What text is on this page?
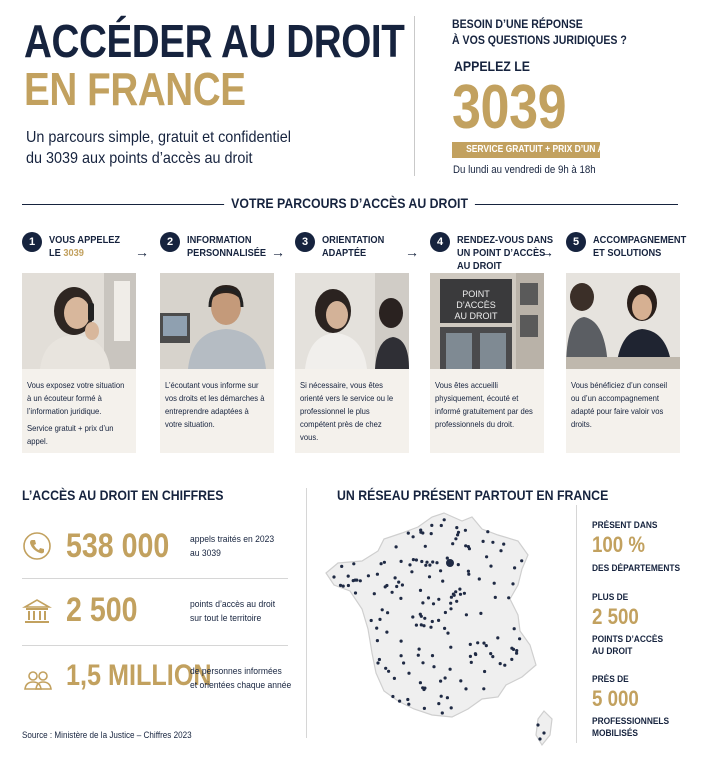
ACCÉDER AU DROIT
EN FRANCE
Un parcours simple, gratuit et confidentiel
du 3039 aux points d’accès au droit
BESOIN D’UNE RÉPONSE
À VOS QUESTIONS JURIDIQUES ?
APPELEZ LE
3039
SERVICE GRATUIT + PRIX D’UN APPEL
Du lundi au vendredi de 9h à 18h
VOTRE PARCOURS D’ACCÈS AU DROIT
1	VOUS APPELEZ
LE 3039	→

Vous exposez votre situation à un écouteur formé à l’information juridique.

Service gratuit + prix d’un appel.

2	INFORMATION
PERSONNALISÉE →

L’écoutant vous informe sur vos droits et les démarches à entreprendre adaptées à votre situation.

3	ORIENTATION
ADAPTÉE	→

Si nécessaire, vous êtes orienté vers le service ou le professionnel le plus compétent près de chez vous.

4	RENDEZ-VOUS DANS
UN POINT D’ACCÈS
AU DROIT
→
POINT D’ACCÈS
AU DROIT

Vous êtes accueilli physiquement, écouté et informé gratuitement par des professionnels du droit.

5	ACCOMPAGNEMENT
ET SOLUTIONS

Vous bénéficiez d’un conseil ou d’un accompagnement adapté pour faire valoir vos droits.

L’ACCÈS AU DROIT EN CHIFFRES
538 000 appels traités en 2023
au 3039
2 500	points d’accès au droit
sur tout le territoire
1,5 MILLION
de personnes informées
et orientées chaque année
Source : Ministère de la Justice – Chiffres 2023
UN RÉSEAU PRÉSENT PARTOUT EN FRANCE
PRÉSENT DANS
100 %
DES DÉPARTEMENTS
PLUS DE
2 500
POINTS D’ACCÈS
AU DROIT
PRÈS DE
5 000
PROFESSIONNELS
MOBILISÉS
